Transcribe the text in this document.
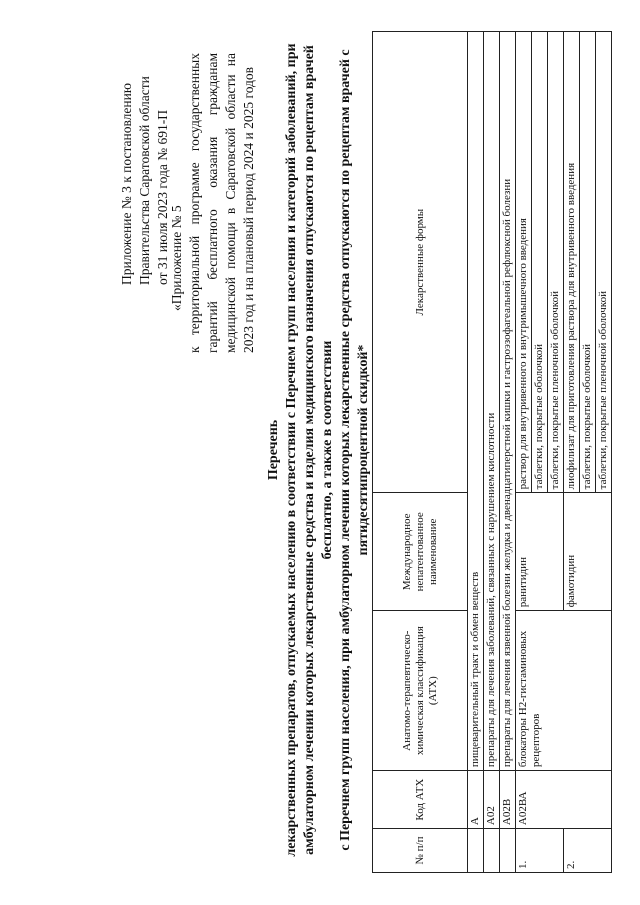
Приложение № 3 к постановлению Правительства Саратовской области от 31 июля 2023 года № 691-П «Приложение № 5 к территориальной программе государственных гарантий бесплатного оказания гражданам медицинской помощи в Саратовской области на 2023 год и на плановый период 2024 и 2025 годов
Перечень лекарственных препаратов, отпускаемых населению в соответствии с Перечнем групп населения и категорий заболеваний, при амбулаторном лечении которых лекарственные средства и изделия медицинского назначения отпускаются по рецептам врачей бесплатно, а также в соответствии с Перечнем групп населения, при амбулаторном лечении которых лекарственные средства отпускаются по рецептам врачей с пятидесятипроцентной скидкой*
№ п/п	Код АТХ	Анатомо-терапевтическо-химическая классификация (АТХ)	Международное непатентованное наименование	Лекарственные формы
	А	пищеварительный тракт и обмен веществ		
	А02	препараты для лечения заболеваний, связанных с нарушением кислотности		
	А02В	препараты для лечения язвенной болезни желудка и двенадцатиперстной кишки и гастроэзофагеальной рефлюксной болезни		
1.	А02ВА	блокаторы Н2-гистаминовых рецепторов	ранитидин	раствор для внутривенного и внутримышечного введения
				таблетки, покрытые оболочкой
				таблетки, покрытые пленочной оболочкой
2.			фамотидин	лиофилизат для приготовления раствора для внутривенного введения
				таблетки, покрытые оболочкой
				таблетки, покрытые пленочной оболочкой
